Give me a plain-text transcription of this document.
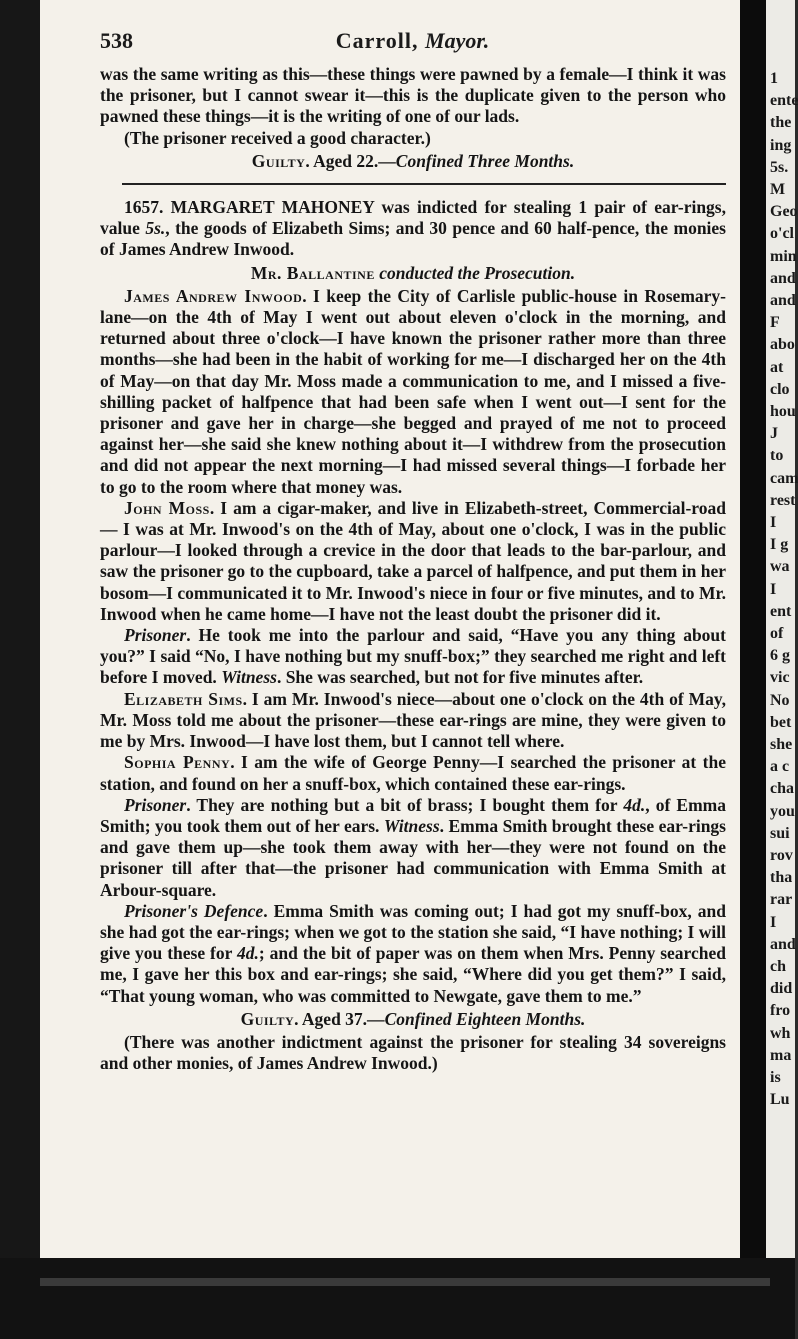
538	Carroll, Mayor.

was the same writing as this—these things were pawned by a female—I think it was the prisoner, but I cannot swear it—this is the duplicate given to the person who pawned these things—it is the writing of one of our lads.

(The prisoner received a good character.)

Guilty. Aged 22.—Confined Three Months.

1657. MARGARET MAHONEY was indicted for stealing 1 pair of ear-rings, value 5s., the goods of Elizabeth Sims; and 30 pence and 60 half-pence, the monies of James Andrew Inwood.

Mr. Ballantine conducted the Prosecution.

James Andrew Inwood. I keep the City of Carlisle public-house in Rosemary-lane—on the 4th of May I went out about eleven o'clock in the morning, and returned about three o'clock—I have known the prisoner rather more than three months—she had been in the habit of working for me—I discharged her on the 4th of May—on that day Mr. Moss made a communication to me, and I missed a five-shilling packet of halfpence that had been safe when I went out—I sent for the prisoner and gave her in charge—she begged and prayed of me not to proceed against her—she said she knew nothing about it—I withdrew from the prosecution and did not appear the next morning—I had missed several things—I forbade her to go to the room where that money was.

John Moss. I am a cigar-maker, and live in Elizabeth-street, Commercial-road — I was at Mr. Inwood's on the 4th of May, about one o'clock, I was in the public parlour—I looked through a crevice in the door that leads to the bar-parlour, and saw the prisoner go to the cupboard, take a parcel of halfpence, and put them in her bosom—I communicated it to Mr. Inwood's niece in four or five minutes, and to Mr. Inwood when he came home—I have not the least doubt the prisoner did it.

Prisoner. He took me into the parlour and said, “Have you any thing about you?” I said “No, I have nothing but my snuff-box;” they searched me right and left before I moved. Witness. She was searched, but not for five minutes after.

Elizabeth Sims. I am Mr. Inwood's niece—about one o'clock on the 4th of May, Mr. Moss told me about the prisoner—these ear-rings are mine, they were given to me by Mrs. Inwood—I have lost them, but I cannot tell where.

Sophia Penny. I am the wife of George Penny—I searched the prisoner at the station, and found on her a snuff-box, which contained these ear-rings.

Prisoner. They are nothing but a bit of brass; I bought them for 4d., of Emma Smith; you took them out of her ears. Witness. Emma Smith brought these ear-rings and gave them up—she took them away with her—they were not found on the prisoner till after that—the prisoner had communication with Emma Smith at Arbour-square.

Prisoner's Defence. Emma Smith was coming out; I had got my snuff-box, and she had got the ear-rings; when we got to the station she said, “I have nothing; I will give you these for 4d.; and the bit of paper was on them when Mrs. Penny searched me, I gave her this box and ear-rings; she said, “Where did you get them?” I said, “That young woman, who was committed to Newgate, gave them to me.”

Guilty. Aged 37.—Confined Eighteen Months.

(There was another indictment against the prisoner for stealing 34 sovereigns and other monies, of James Andrew Inwood.)

1
ente
the
ing
5s.
M
Geo
o'cl
min
and
and
F
abo
at
clo
hou
J
to
cam
rest
I
I g
wa
I
ent
of
6 g
vic
No
bet
she
a c
cha
you
sui
rov
tha
rar
I
and
ch
did
fro
wh
ma
is
Lu
